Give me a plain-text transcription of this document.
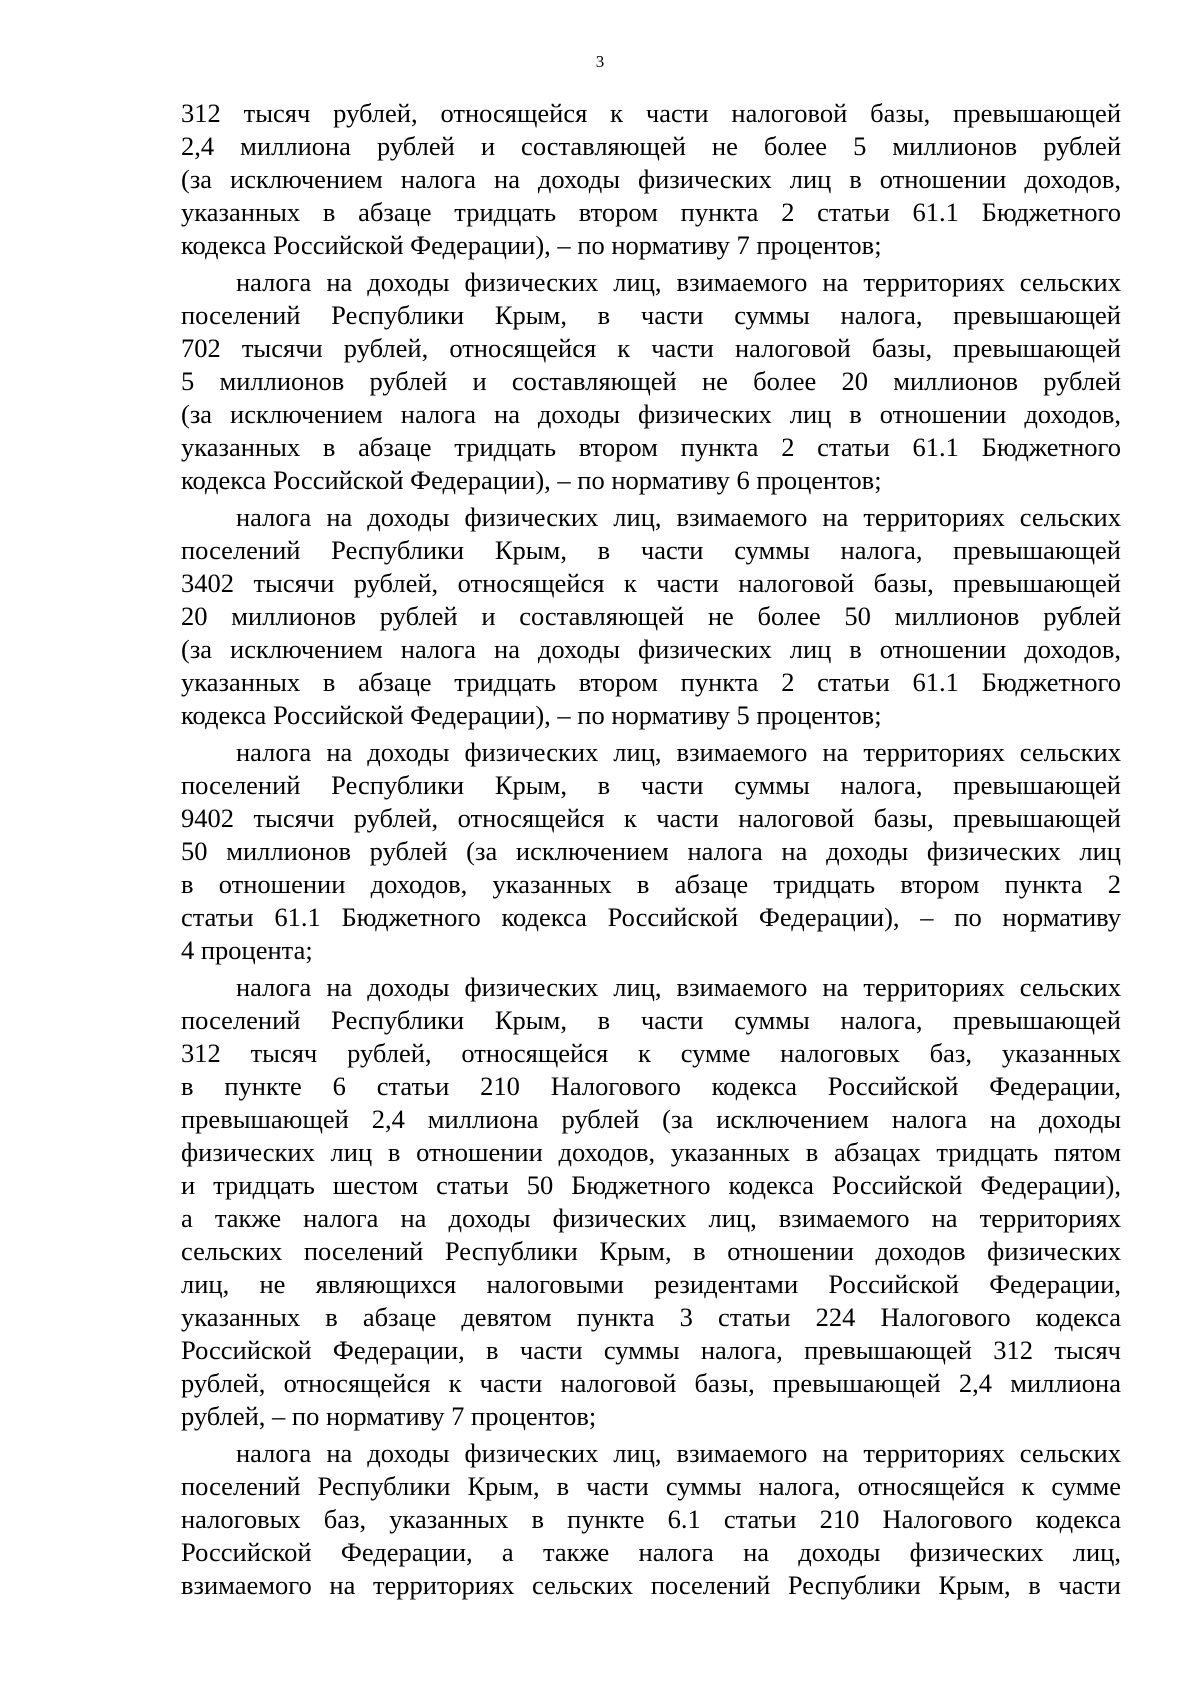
3
312 тысяч рублей, относящейся к части налоговой базы, превышающей
2,4 миллиона рублей и составляющей не более 5 миллионов рублей
(за исключением налога на доходы физических лиц в отношении доходов,
указанных в абзаце тридцать втором пункта 2 статьи 61.1 Бюджетного
кодекса Российской Федерации), – по нормативу 7 процентов;
налога на доходы физических лиц, взимаемого на территориях сельских
поселений Республики Крым, в части суммы налога, превышающей
702 тысячи рублей, относящейся к части налоговой базы, превышающей
5 миллионов рублей и составляющей не более 20 миллионов рублей
(за исключением налога на доходы физических лиц в отношении доходов,
указанных в абзаце тридцать втором пункта 2 статьи 61.1 Бюджетного
кодекса Российской Федерации), – по нормативу 6 процентов;
налога на доходы физических лиц, взимаемого на территориях сельских
поселений Республики Крым, в части суммы налога, превышающей
3402 тысячи рублей, относящейся к части налоговой базы, превышающей
20 миллионов рублей и составляющей не более 50 миллионов рублей
(за исключением налога на доходы физических лиц в отношении доходов,
указанных в абзаце тридцать втором пункта 2 статьи 61.1 Бюджетного
кодекса Российской Федерации), – по нормативу 5 процентов;
налога на доходы физических лиц, взимаемого на территориях сельских
поселений Республики Крым, в части суммы налога, превышающей
9402 тысячи рублей, относящейся к части налоговой базы, превышающей
50 миллионов рублей (за исключением налога на доходы физических лиц
в отношении доходов, указанных в абзаце тридцать втором пункта 2
статьи 61.1 Бюджетного кодекса Российской Федерации), – по нормативу
4 процента;
налога на доходы физических лиц, взимаемого на территориях сельских
поселений Республики Крым, в части суммы налога, превышающей
312 тысяч рублей, относящейся к сумме налоговых баз, указанных
в пункте 6 статьи 210 Налогового кодекса Российской Федерации,
превышающей 2,4 миллиона рублей (за исключением налога на доходы
физических лиц в отношении доходов, указанных в абзацах тридцать пятом
и тридцать шестом статьи 50 Бюджетного кодекса Российской Федерации),
а также налога на доходы физических лиц, взимаемого на территориях
сельских поселений Республики Крым, в отношении доходов физических
лиц, не являющихся налоговыми резидентами Российской Федерации,
указанных в абзаце девятом пункта 3 статьи 224 Налогового кодекса
Российской Федерации, в части суммы налога, превышающей 312 тысяч
рублей, относящейся к части налоговой базы, превышающей 2,4 миллиона
рублей, – по нормативу 7 процентов;
налога на доходы физических лиц, взимаемого на территориях сельских
поселений Республики Крым, в части суммы налога, относящейся к сумме
налоговых баз, указанных в пункте 6.1 статьи 210 Налогового кодекса
Российской Федерации, а также налога на доходы физических лиц,
взимаемого на территориях сельских поселений Республики Крым, в части
